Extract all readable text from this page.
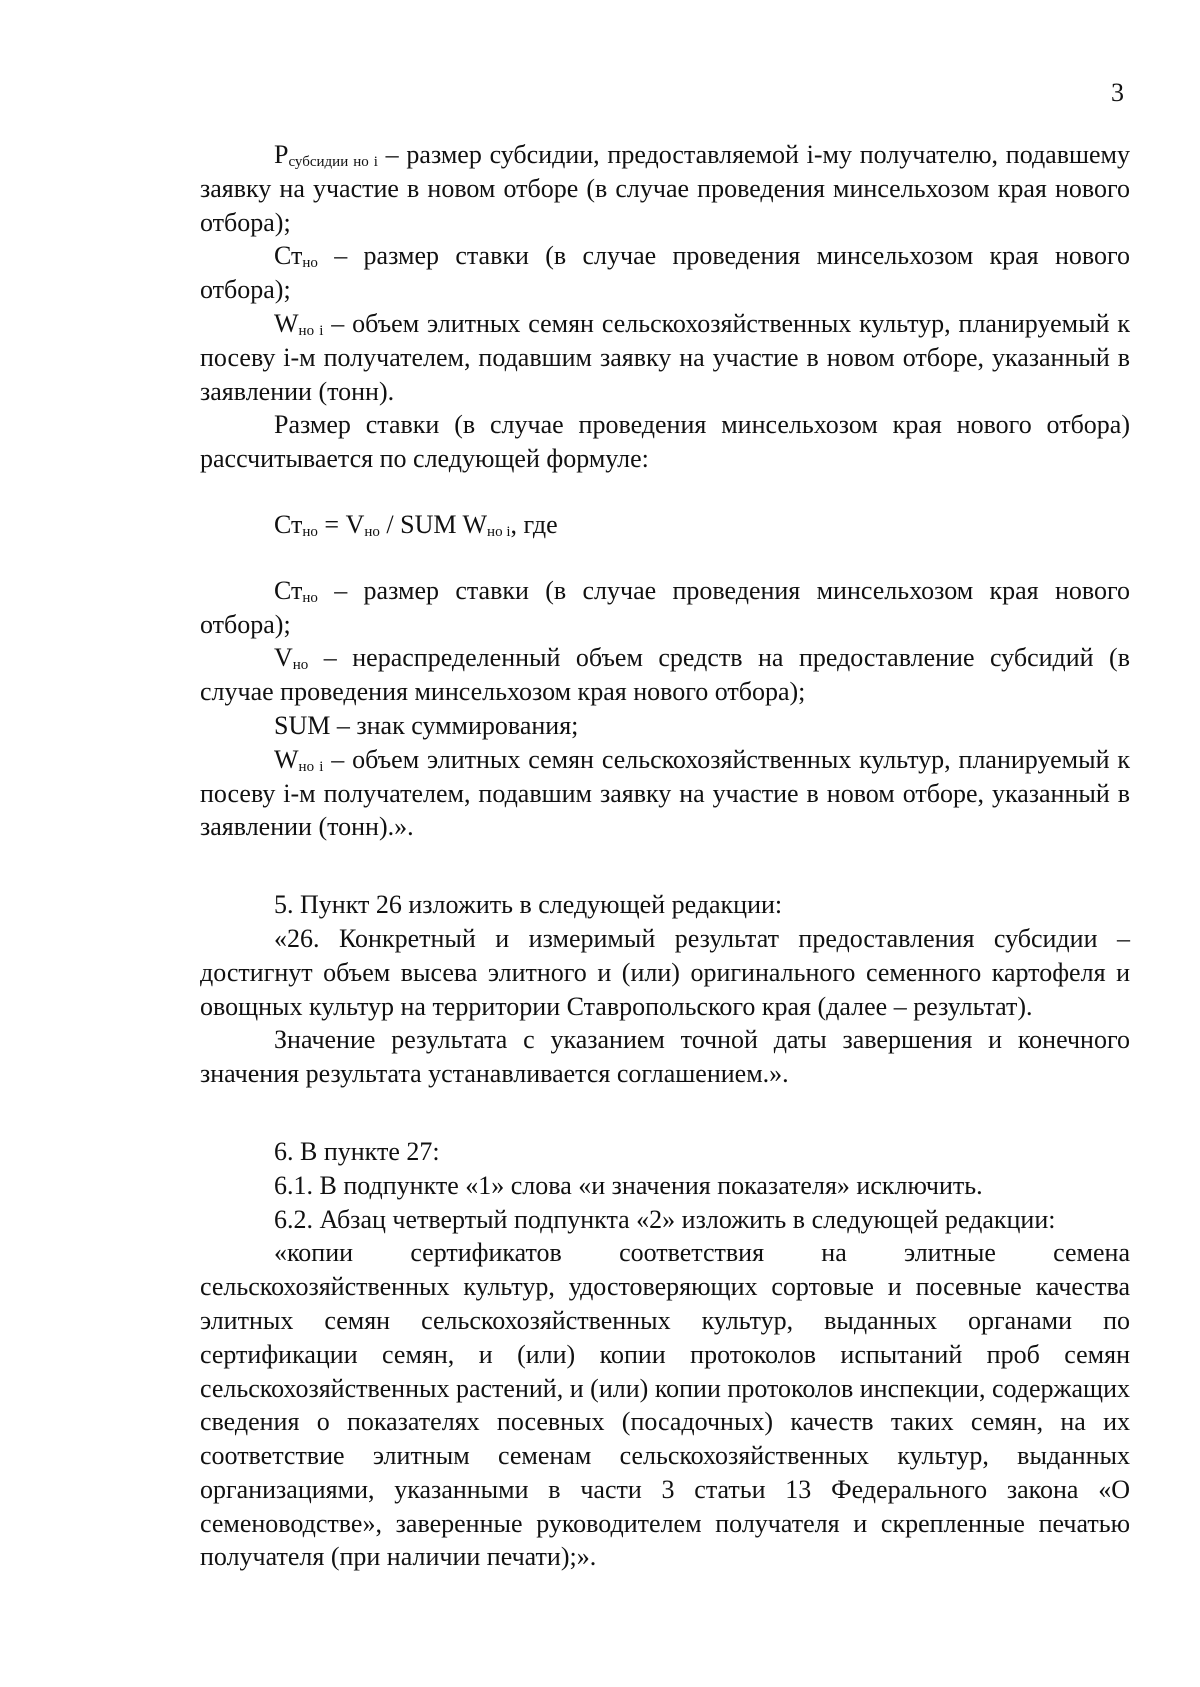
3

$P_{субсидии но i}$ – размер субсидии, предоставляемой i-му получателю, подавшему заявку на участие в новом отборе (в случае проведения минсельхозом края нового отбора);

$Ст_{но}$ – размер ставки (в случае проведения минсельхозом края нового отбора);

$W_{но i}$ – объем элитных семян сельскохозяйственных культур, планируемый к посеву i-м получателем, подавшим заявку на участие в новом отборе, указанный в заявлении (тонн).

Размер ставки (в случае проведения минсельхозом края нового отбора) рассчитывается по следующей формуле:

$Ст_{но} = V_{но}$ / SUM $W_{но i}$, где

$Ст_{но}$ – размер ставки (в случае проведения минсельхозом края нового отбора);

$V_{но}$ – нераспределенный объем средств на предоставление субсидий (в случае проведения минсельхозом края нового отбора);

SUM – знак суммирования;

$W_{но i}$ – объем элитных семян сельскохозяйственных культур, планируемый к посеву i-м получателем, подавшим заявку на участие в новом отборе, указанный в заявлении (тонн).».

5. Пункт 26 изложить в следующей редакции:

«26. Конкретный и измеримый результат предоставления субсидии – достигнут объем высева элитного и (или) оригинального семенного картофеля и овощных культур на территории Ставропольского края (далее – результат).

Значение результата с указанием точной даты завершения и конечного значения результата устанавливается соглашением.».

6. В пункте 27:

6.1. В подпункте «1» слова «и значения показателя» исключить.

6.2. Абзац четвертый подпункта «2» изложить в следующей редакции:

«копии сертификатов соответствия на элитные семена сельскохозяйственных культур, удостоверяющих сортовые и посевные качества элитных семян сельскохозяйственных культур, выданных органами по сертификации семян, и (или) копии протоколов испытаний проб семян сельскохозяйственных растений, и (или) копии протоколов инспекции, содержащих сведения о показателях посевных (посадочных) качеств таких семян, на их соответствие элитным семенам сельскохозяйственных культур, выданных организациями, указанными в части 3 статьи 13 Федерального закона «О семеноводстве», заверенные руководителем получателя и скрепленные печатью получателя (при наличии печати);».
